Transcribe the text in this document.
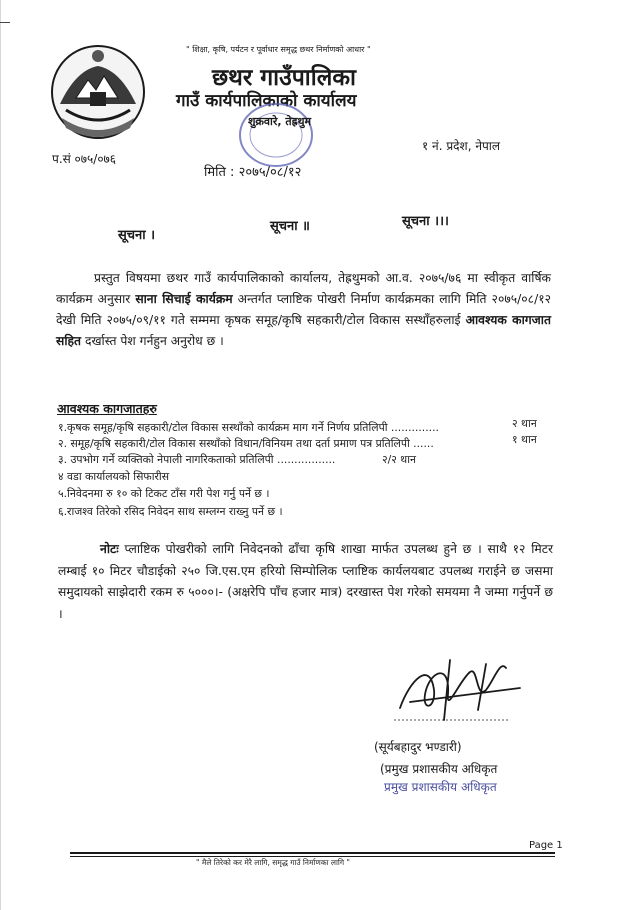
" शिक्षा, कृषि, पर्यटन र पूर्वाधार समृद्ध छथर निर्माणको आधार "
छथर गाउँपालिका
गाउँ कार्यपालिकाको कार्यालय
शुक्रवारे, तेह्रथुम
प.सं ०७५/०७६
१ नं. प्रदेश, नेपाल
मिति : २०७५/०८/१२
सूचना ।
सूचना ॥	सूचना ।।।
प्रस्तुत विषयमा छथर गाउँ कार्यपालिकाको कार्यालय, तेह्रथुमको आ.व. २०७५/७६ मा स्वीकृत वार्षिक कार्यक्रम अनुसार साना सिचाई कार्यक्रम अन्तर्गत प्लाष्टिक पोखरी निर्माण कार्यक्रमका लागि मिति २०७५/०८/१२ देखी मिति २०७५/०९/११ गते सम्ममा कृषक समूह/कृषि सहकारी/टोल विकास सस्थाँहरुलाई आवश्यक कागजात सहित दर्खास्त पेश गर्नहुन अनुरोध छ ।
आवश्यक कागजातहरु
१.कृषक समूह/कृषि सहकारी/टोल विकास सस्थाँको कार्यक्रम माग गर्ने निर्णय प्रतिलिपी ..............
२. समूह/कृषि सहकारी/टोल विकास सस्थाँको विधान/विनियम तथा दर्ता प्रमाण पत्र प्रतिलिपी ......
३. उपभोग गर्ने व्यक्तिको नेपाली नागरिकताको प्रतिलिपी .................
४ वडा कार्यालयको सिफारीस
५.निवेदनमा रु १० को टिकट टाँस गरी पेश गर्नु पर्ने छ ।
६.राजश्व तिरेको रसिद निवेदन साथ सम्लग्न राख्नु पर्ने छ ।
२ थान
१ थान
२/२ थान
नोटः प्लाष्टिक पोखरीको लागि निवेदनको ढाँचा कृषि शाखा मार्फत उपलब्ध हुने छ । साथै १२ मिटर लम्बाई १० मिटर चौडाईको २५० जि.एस.एम हरियो सिम्पोलिक प्लाष्टिक कार्यलयबाट उपलब्ध गराईने छ जसमा समुदायको साझेदारी रकम रु ५०००।- (अक्षरेपि पाँच हजार मात्र) दरखास्त पेश गरेको समयमा नै जम्मा गर्नुपर्ने छ ।
(सूर्यबहादुर भण्डारी)
(प्रमुख प्रशासकीय अधिकृत
प्रमुख प्रशासकीय अधिकृत
" मैले तिरेको कर मेरै लागि, समृद्ध गाउँ निर्माणका लागि "
Page 1
